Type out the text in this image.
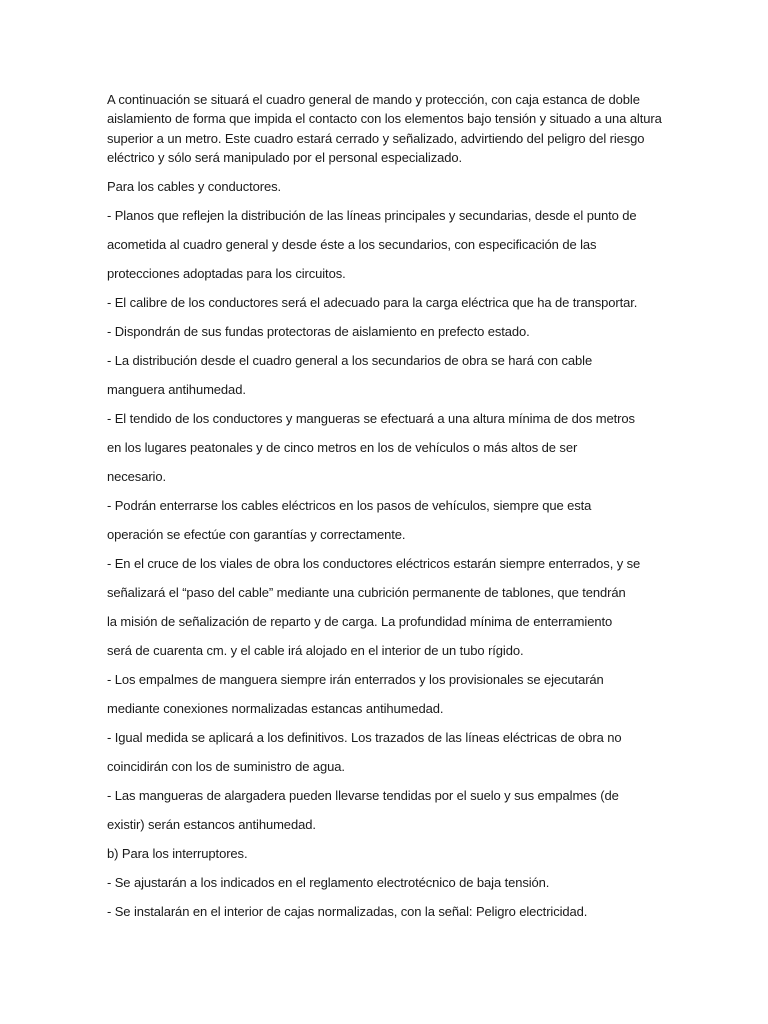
A continuación se situará el cuadro general de mando y protección, con caja estanca de doble aislamiento de forma que impida el contacto con los elementos bajo tensión y situado a una altura superior a un metro. Este cuadro estará cerrado y señalizado, advirtiendo del peligro del riesgo eléctrico y sólo será manipulado por el personal especializado.

Para los cables y conductores.
- Planos que reflejen la distribución de las líneas principales y secundarias, desde el punto de
acometida al cuadro general y desde éste a los secundarios, con especificación de las
protecciones adoptadas para los circuitos.
- El calibre de los conductores será el adecuado para la carga eléctrica que ha de transportar.
- Dispondrán de sus fundas protectoras de aislamiento en prefecto estado.
- La distribución desde el cuadro general a los secundarios de obra se hará con cable
manguera antihumedad.
- El tendido de los conductores y mangueras se efectuará a una altura mínima de dos metros
en los lugares peatonales y de cinco metros en los de vehículos o más altos de ser
necesario.
- Podrán enterrarse los cables eléctricos en los pasos de vehículos, siempre que esta
operación se efectúe con garantías y correctamente.
- En el cruce de los viales de obra los conductores eléctricos estarán siempre enterrados, y se
señalizará el “paso del cable” mediante una cubrición permanente de tablones, que tendrán
la misión de señalización de reparto y de carga. La profundidad mínima de enterramiento
será de cuarenta cm. y el cable irá alojado en el interior de un tubo rígido.
- Los empalmes de manguera siempre irán enterrados y los provisionales se ejecutarán
mediante conexiones normalizadas estancas antihumedad.
- Igual medida se aplicará a los definitivos. Los trazados de las líneas eléctricas de obra no
coincidirán con los de suministro de agua.
- Las mangueras de alargadera pueden llevarse tendidas por el suelo y sus empalmes (de
existir) serán estancos antihumedad.
b) Para los interruptores.
- Se ajustarán a los indicados en el reglamento electrotécnico de baja tensión.
- Se instalarán en el interior de cajas normalizadas, con la señal: Peligro electricidad.
